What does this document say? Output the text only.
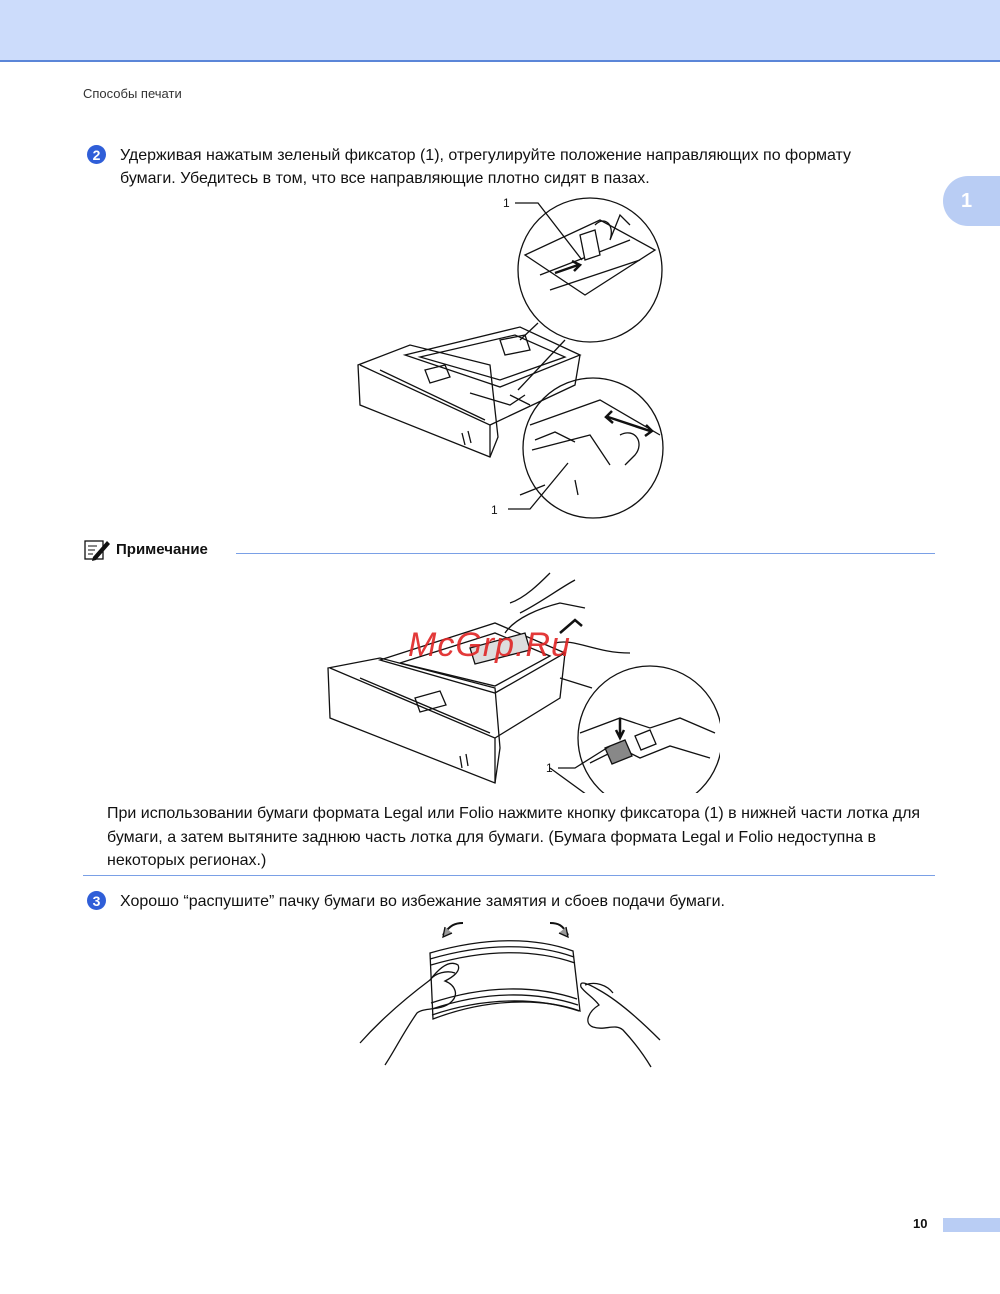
Способы печати
1
2	Удерживая нажатым зеленый фиксатор (1), отрегулируйте положение направляющих по формату
бумаги. Убедитесь в том, что все направляющие плотно сидят в пазах.
1
1
Примечание
1
McGrp.Ru
При использовании бумаги формата Legal или Folio нажмите кнопку фиксатора (1) в нижней части лотка для бумаги, а затем вытяните заднюю часть лотка для бумаги. (Бумага формата Legal и Folio недоступна в некоторых регионах.)
3	Хорошо “распушите” пачку бумаги во избежание замятия и сбоев подачи бумаги.
10
